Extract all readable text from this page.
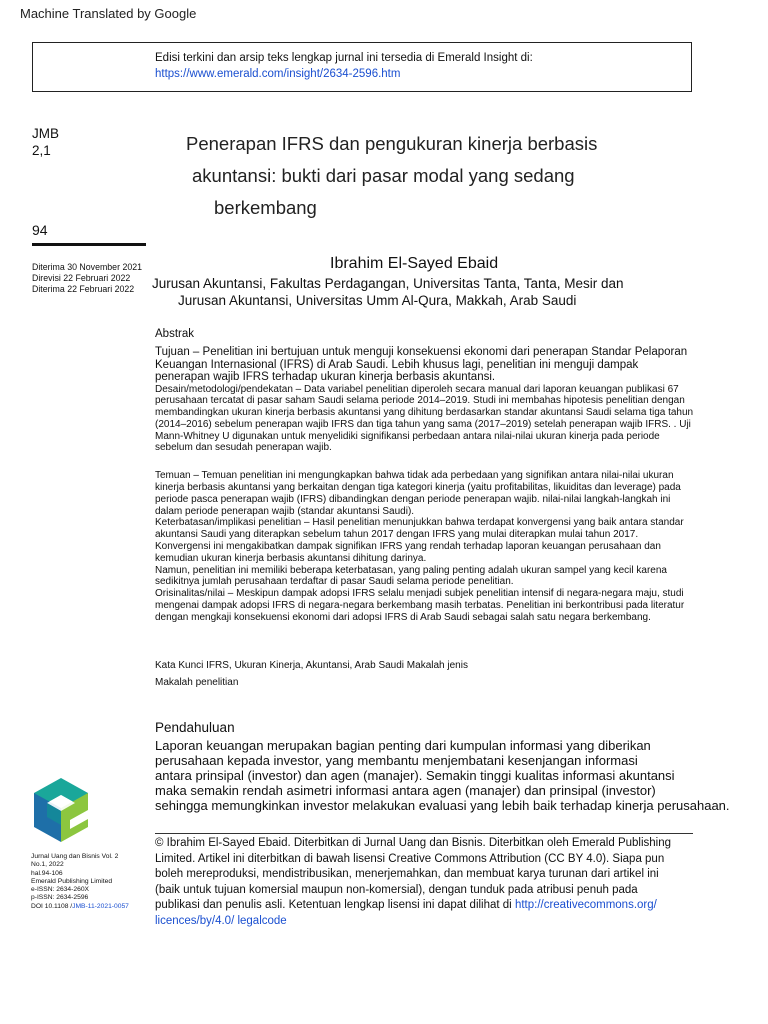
Machine Translated by Google
Edisi terkini dan arsip teks lengkap jurnal ini tersedia di Emerald Insight di:
https://www.emerald.com/insight/2634-2596.htm
JMB
2,1	Penerapan IFRS dan pengukuran kinerja berbasis
akuntansi: bukti dari pasar modal yang sedang
berkembang
94
Diterima 30 November 2021
Direvisi 22 Februari 2022
Diterima 22 Februari 2022
Ibrahim El-Sayed Ebaid
Jurusan Akuntansi, Fakultas Perdagangan, Universitas Tanta, Tanta, Mesir dan
Jurusan Akuntansi, Universitas Umm Al-Qura, Makkah, Arab Saudi
Abstrak

Tujuan – Penelitian ini bertujuan untuk menguji konsekuensi ekonomi dari penerapan Standar Pelaporan Keuangan Internasional (IFRS) di Arab Saudi. Lebih khusus lagi, penelitian ini menguji dampak penerapan wajib IFRS terhadap ukuran kinerja berbasis akuntansi.

Desain/metodologi/pendekatan – Data variabel penelitian diperoleh secara manual dari laporan keuangan publikasi 67 perusahaan tercatat di pasar saham Saudi selama periode 2014–2019. Studi ini membahas hipotesis penelitian dengan membandingkan ukuran kinerja berbasis akuntansi yang dihitung berdasarkan standar akuntansi Saudi selama tiga tahun (2014–2016) sebelum penerapan wajib IFRS dan tiga tahun yang sama (2017–2019) setelah penerapan wajib IFRS. . Uji Mann-Whitney U digunakan untuk menyelidiki signifikansi perbedaan antara nilai-nilai ukuran kinerja pada periode sebelum dan sesudah penerapan wajib.

Temuan – Temuan penelitian ini mengungkapkan bahwa tidak ada perbedaan yang signifikan antara nilai-nilai ukuran kinerja berbasis akuntansi yang berkaitan dengan tiga kategori kinerja (yaitu profitabilitas, likuiditas dan leverage) pada periode pasca penerapan wajib (IFRS) dibandingkan dengan periode penerapan wajib. nilai-nilai langkah-langkah ini dalam periode penerapan wajib (standar akuntansi Saudi).

Keterbatasan/implikasi penelitian – Hasil penelitian menunjukkan bahwa terdapat konvergensi yang baik antara standar akuntansi Saudi yang diterapkan sebelum tahun 2017 dengan IFRS yang mulai diterapkan mulai tahun 2017. Konvergensi ini mengakibatkan dampak signifikan IFRS yang rendah terhadap laporan keuangan perusahaan dan kemudian ukuran kinerja berbasis akuntansi dihitung darinya.

Namun, penelitian ini memiliki beberapa keterbatasan, yang paling penting adalah ukuran sampel yang kecil karena sedikitnya jumlah perusahaan terdaftar di pasar Saudi selama periode penelitian.

Orisinalitas/nilai – Meskipun dampak adopsi IFRS selalu menjadi subjek penelitian intensif di negara-negara maju, studi mengenai dampak adopsi IFRS di negara-negara berkembang masih terbatas. Penelitian ini berkontribusi pada literatur dengan mengkaji konsekuensi ekonomi dari adopsi IFRS di Arab Saudi sebagai salah satu negara berkembang.

Kata Kunci IFRS, Ukuran Kinerja, Akuntansi, Arab Saudi Makalah jenis
Makalah penelitian
Pendahuluan
Laporan keuangan merupakan bagian penting dari kumpulan informasi yang diberikan
perusahaan kepada investor, yang membantu menjembatani kesenjangan informasi
antara prinsipal (investor) dan agen (manajer). Semakin tinggi kualitas informasi akuntansi
maka semakin rendah asimetri informasi antara agen (manajer) dan prinsipal (investor)
sehingga memungkinkan investor melakukan evaluasi yang lebih baik terhadap kinerja perusahaan.
© Ibrahim El-Sayed Ebaid. Diterbitkan di Jurnal Uang dan Bisnis. Diterbitkan oleh Emerald Publishing
Limited. Artikel ini diterbitkan di bawah lisensi Creative Commons Attribution (CC BY 4.0). Siapa pun
boleh mereproduksi, mendistribusikan, menerjemahkan, dan membuat karya turunan dari artikel ini
(baik untuk tujuan komersial maupun non-komersial), dengan tunduk pada atribusi penuh pada
publikasi dan penulis asli. Ketentuan lengkap lisensi ini dapat dilihat di http://creativecommons.org/
licences/by/4.0/ legalcode
Jurnal Uang dan Bisnis Vol. 2
No.1, 2022
hal.94-106
Emerald Publishing Limited
e-ISSN: 2634-260X
p-ISSN: 2634-2596
DOI 10.1108 /JMB-11-2021-0057
